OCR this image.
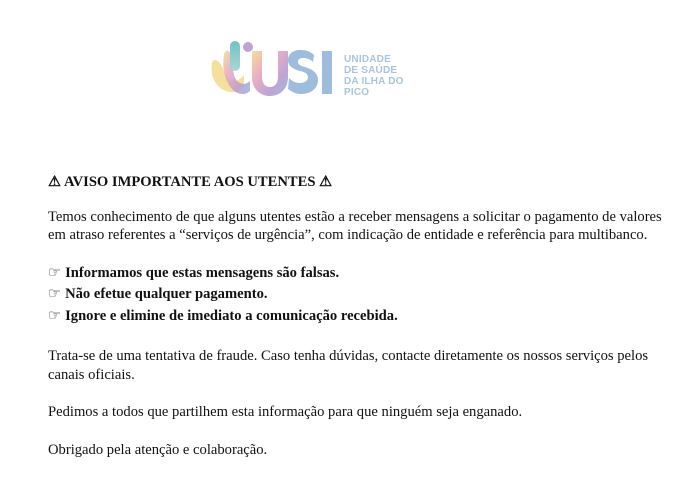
UNIDADE
DE SAÚDE
DA ILHA DO
PICO

⚠ AVISO IMPORTANTE AOS UTENTES ⚠

Temos conhecimento de que alguns utentes estão a receber mensagens a solicitar o pagamento de valores em atraso referentes a “serviços de urgência”, com indicação de entidade e referência para multibanco.

☞ Informamos que estas mensagens são falsas.

☞ Não efetue qualquer pagamento.

☞ Ignore e elimine de imediato a comunicação recebida.

Trata-se de uma tentativa de fraude. Caso tenha dúvidas, contacte diretamente os nossos serviços pelos canais oficiais.

Pedimos a todos que partilhem esta informação para que ninguém seja enganado.

Obrigado pela atenção e colaboração.
